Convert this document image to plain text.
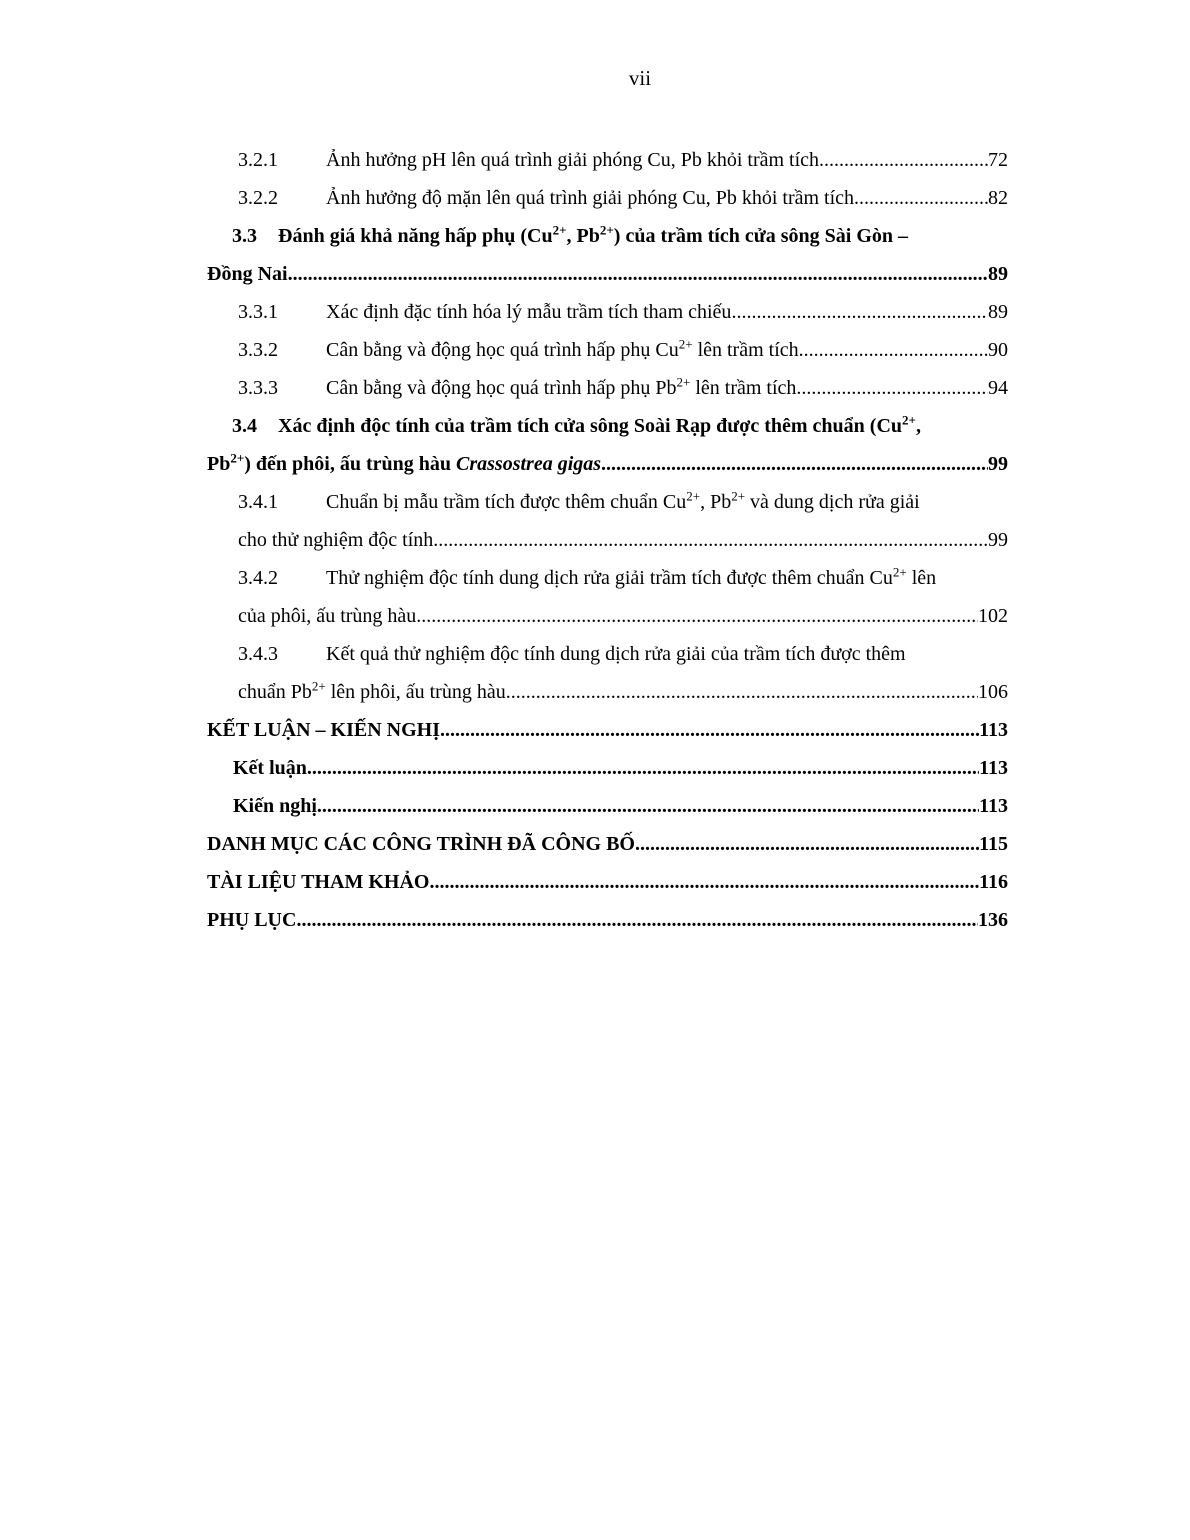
vii
3.2.1	Ảnh hưởng pH lên quá trình giải phóng Cu, Pb khỏi trầm tích .....	72
3.2.2	Ảnh hưởng độ mặn lên quá trình giải phóng Cu, Pb khỏi trầm tích .....	82
3.3	Đánh giá khả năng hấp phụ ($Cu^{2+}$, $Pb^{2+}$) của trầm tích cửa sông Sài Gòn –
Đồng Nai .....	89
3.3.1	Xác định đặc tính hóa lý mẫu trầm tích tham chiếu .....	89
3.3.2	Cân bằng và động học quá trình hấp phụ $Cu^{2+}$ lên trầm tích .....	90
3.3.3	Cân bằng và động học quá trình hấp phụ $Pb^{2+}$ lên trầm tích .....	94
3.4	Xác định độc tính của trầm tích cửa sông Soài Rạp được thêm chuẩn ($Cu^{2+}$,
$Pb^{2+}$) đến phôi, ấu trùng hàu Crassostrea gigas .....	99
3.4.1	Chuẩn bị mẫu trầm tích được thêm chuẩn $Cu^{2+}$, $Pb^{2+}$ và dung dịch rửa giải
cho thử nghiệm độc tính .....	99
3.4.2	Thử nghiệm độc tính dung dịch rửa giải trầm tích được thêm chuẩn $Cu^{2+}$ lên
của phôi, ấu trùng hàu .....	102
3.4.3	Kết quả thử nghiệm độc tính dung dịch rửa giải của trầm tích được thêm
chuẩn $Pb^{2+}$ lên phôi, ấu trùng hàu .....	106
KẾT LUẬN – KIẾN NGHỊ .....	113
Kết luận .....	113
Kiến nghị .....	113
DANH MỤC CÁC CÔNG TRÌNH ĐÃ CÔNG BỐ .....	115
TÀI LIỆU THAM KHẢO .....	116
PHỤ LỤC .....	136
